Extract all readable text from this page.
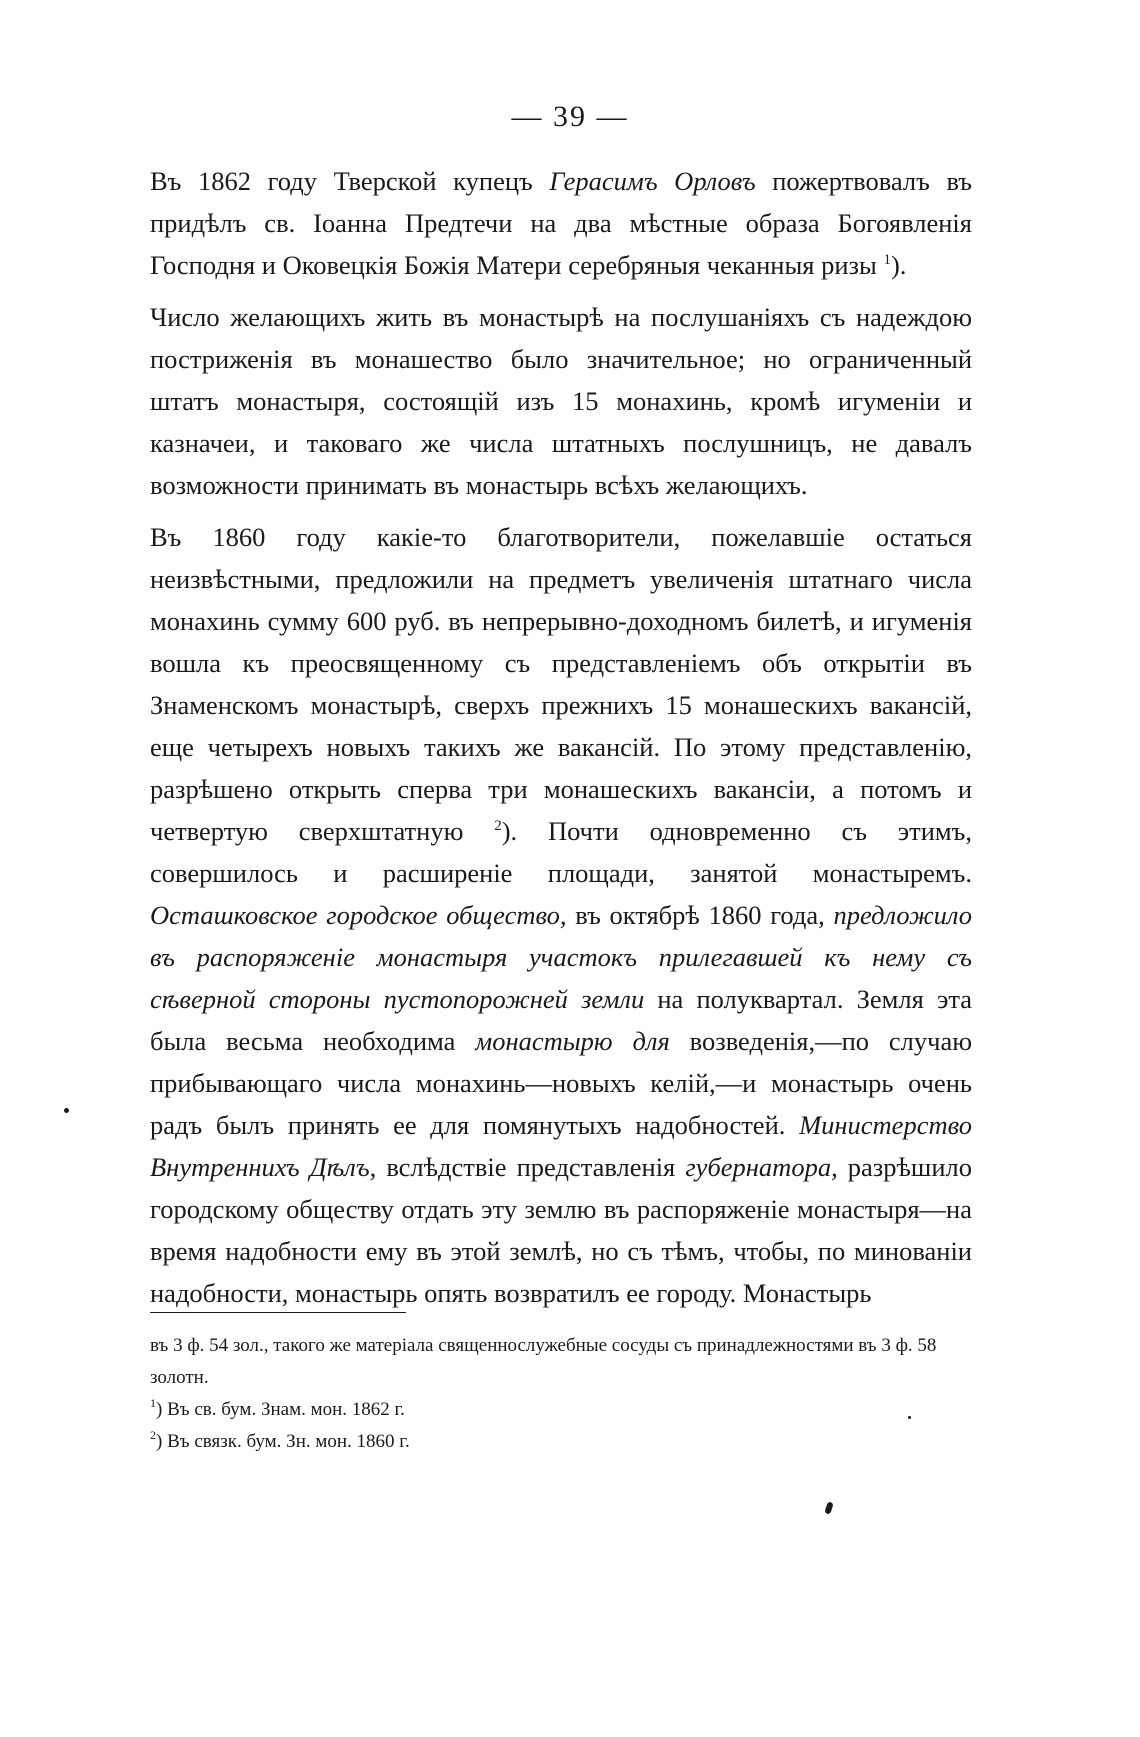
— 39 —

Въ 1862 году Тверской купецъ Герасимъ Орловъ пожертвовалъ въ придѣлъ св. Іоанна Предтечи на два мѣстные образа Богоявленія Господня и Оковецкія Божія Матери серебряныя чеканныя ризы $^1$).

Число желающихъ жить въ монастырѣ на послушаніяхъ съ надеждою постриженія въ монашество было значительное; но ограниченный штатъ монастыря, состоящій изъ 15 монахинь, кромѣ игуменіи и казначеи, и таковаго же числа штатныхъ послушницъ, не давалъ возможности принимать въ монастырь всѣхъ желающихъ.

Въ 1860 году какіе-то благотворители, пожелавшіе остаться неизвѣстными, предложили на предметъ увеличенія штатнаго числа монахинь сумму 600 руб. въ непрерывно-доходномъ билетѣ, и игуменія вошла къ преосвященному съ представленіемъ объ открытіи въ Знаменскомъ монастырѣ, сверхъ прежнихъ 15 монашескихъ вакансій, еще четырехъ новыхъ такихъ же вакансій. По этому представленію, разрѣшено открыть сперва три монашескихъ вакансіи, а потомъ и четвертую сверхштатную $^2$). Почти одновременно съ этимъ, совершилось и расширеніе площади, занятой монастыремъ. Осташковское городское общество, въ октябрѣ 1860 года, предложило въ распоряженіе монастыря участокъ прилегавшей къ нему съ сѣверной стороны пустопорожней земли на полуквартал. Земля эта была весьма необходима монастырю для возведенія,—по случаю прибывающаго числа монахинь—новыхъ келій,—и монастырь очень радъ былъ принять ее для помянутыхъ надобностей. Министерство Внутреннихъ Дѣлъ, вслѣдствіе представленія губернатора, разрѣшило городскому обществу отдать эту землю въ распоряженіе монастыря—на время надобности ему въ этой землѣ, но съ тѣмъ, чтобы, по минованіи надобности, монастырь опять возвратилъ ее городу. Монастырь

въ 3 ф. 54 зол., такого же матеріала священнослужебные сосуды съ принадлежностями въ 3 ф. 58 золотн.

$^1$) Въ св. бум. Знам. мон. 1862 г.

$^2$) Въ связк. бум. Зн. мон. 1860 г.
